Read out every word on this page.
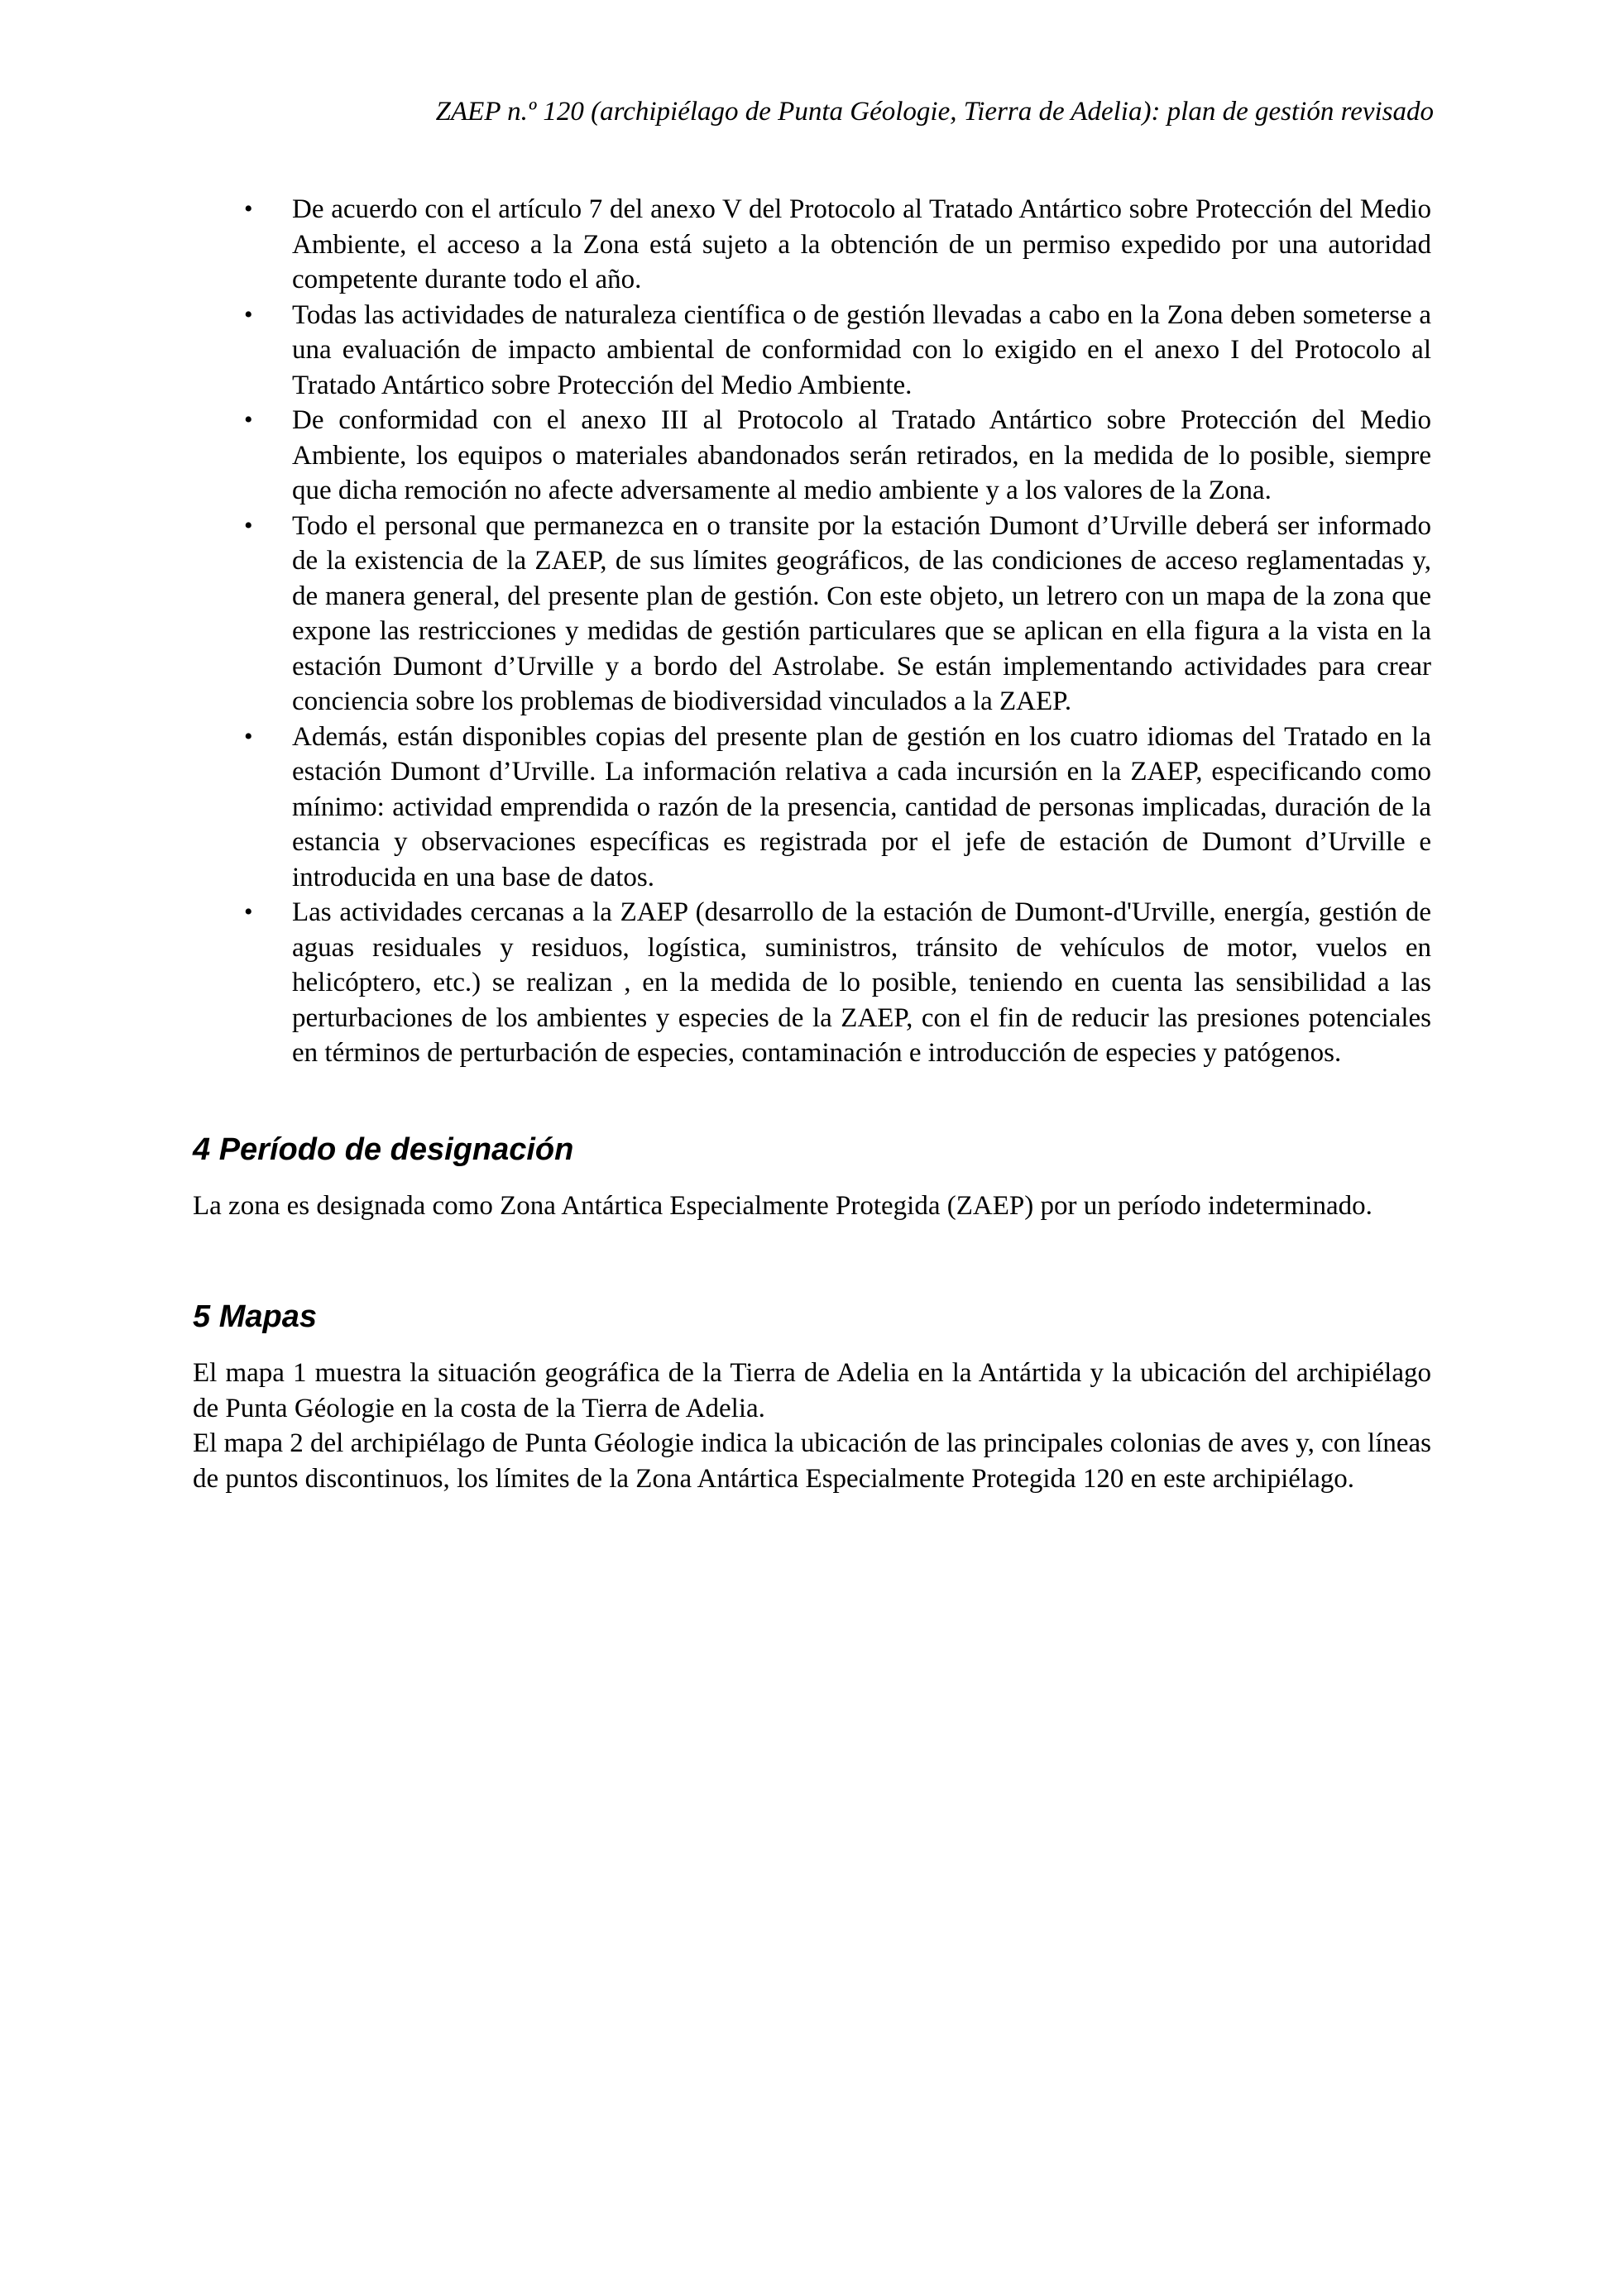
ZAEP n.º 120 (archipiélago de Punta Géologie, Tierra de Adelia): plan de gestión revisado
• De acuerdo con el artículo 7 del anexo V del Protocolo al Tratado Antártico sobre Protección del Medio Ambiente, el acceso a la Zona está sujeto a la obtención de un permiso expedido por una autoridad competente durante todo el año.
• Todas las actividades de naturaleza científica o de gestión llevadas a cabo en la Zona deben someterse a una evaluación de impacto ambiental de conformidad con lo exigido en el anexo I del Protocolo al Tratado Antártico sobre Protección del Medio Ambiente.
• De conformidad con el anexo III al Protocolo al Tratado Antártico sobre Protección del Medio Ambiente, los equipos o materiales abandonados serán retirados, en la medida de lo posible, siempre que dicha remoción no afecte adversamente al medio ambiente y a los valores de la Zona.
• Todo el personal que permanezca en o transite por la estación Dumont d’Urville deberá ser informado de la existencia de la ZAEP, de sus límites geográficos, de las condiciones de acceso reglamentadas y, de manera general, del presente plan de gestión. Con este objeto, un letrero con un mapa de la zona que expone las restricciones y medidas de gestión particulares que se aplican en ella figura a la vista en la estación Dumont d’Urville y a bordo del Astrolabe. Se están implementando actividades para crear conciencia sobre los problemas de biodiversidad vinculados a la ZAEP.
• Además, están disponibles copias del presente plan de gestión en los cuatro idiomas del Tratado en la estación Dumont d’Urville. La información relativa a cada incursión en la ZAEP, especificando como mínimo: actividad emprendida o razón de la presencia, cantidad de personas implicadas, duración de la estancia y observaciones específicas es registrada por el jefe de estación de Dumont d’Urville e introducida en una base de datos.
• Las actividades cercanas a la ZAEP (desarrollo de la estación de Dumont-d'Urville, energía, gestión de aguas residuales y residuos, logística, suministros, tránsito de vehículos de motor, vuelos en helicóptero, etc.) se realizan , en la medida de lo posible, teniendo en cuenta las sensibilidad a las perturbaciones de los ambientes y especies de la ZAEP, con el fin de reducir las presiones potenciales en términos de perturbación de especies, contaminación e introducción de especies y patógenos.
4 Período de designación

La zona es designada como Zona Antártica Especialmente Protegida (ZAEP) por un período indeterminado.

5 Mapas

El mapa 1 muestra la situación geográfica de la Tierra de Adelia en la Antártida y la ubicación del archipiélago de Punta Géologie en la costa de la Tierra de Adelia.

El mapa 2 del archipiélago de Punta Géologie indica la ubicación de las principales colonias de aves y, con líneas de puntos discontinuos, los límites de la Zona Antártica Especialmente Protegida 120 en este archipiélago.
